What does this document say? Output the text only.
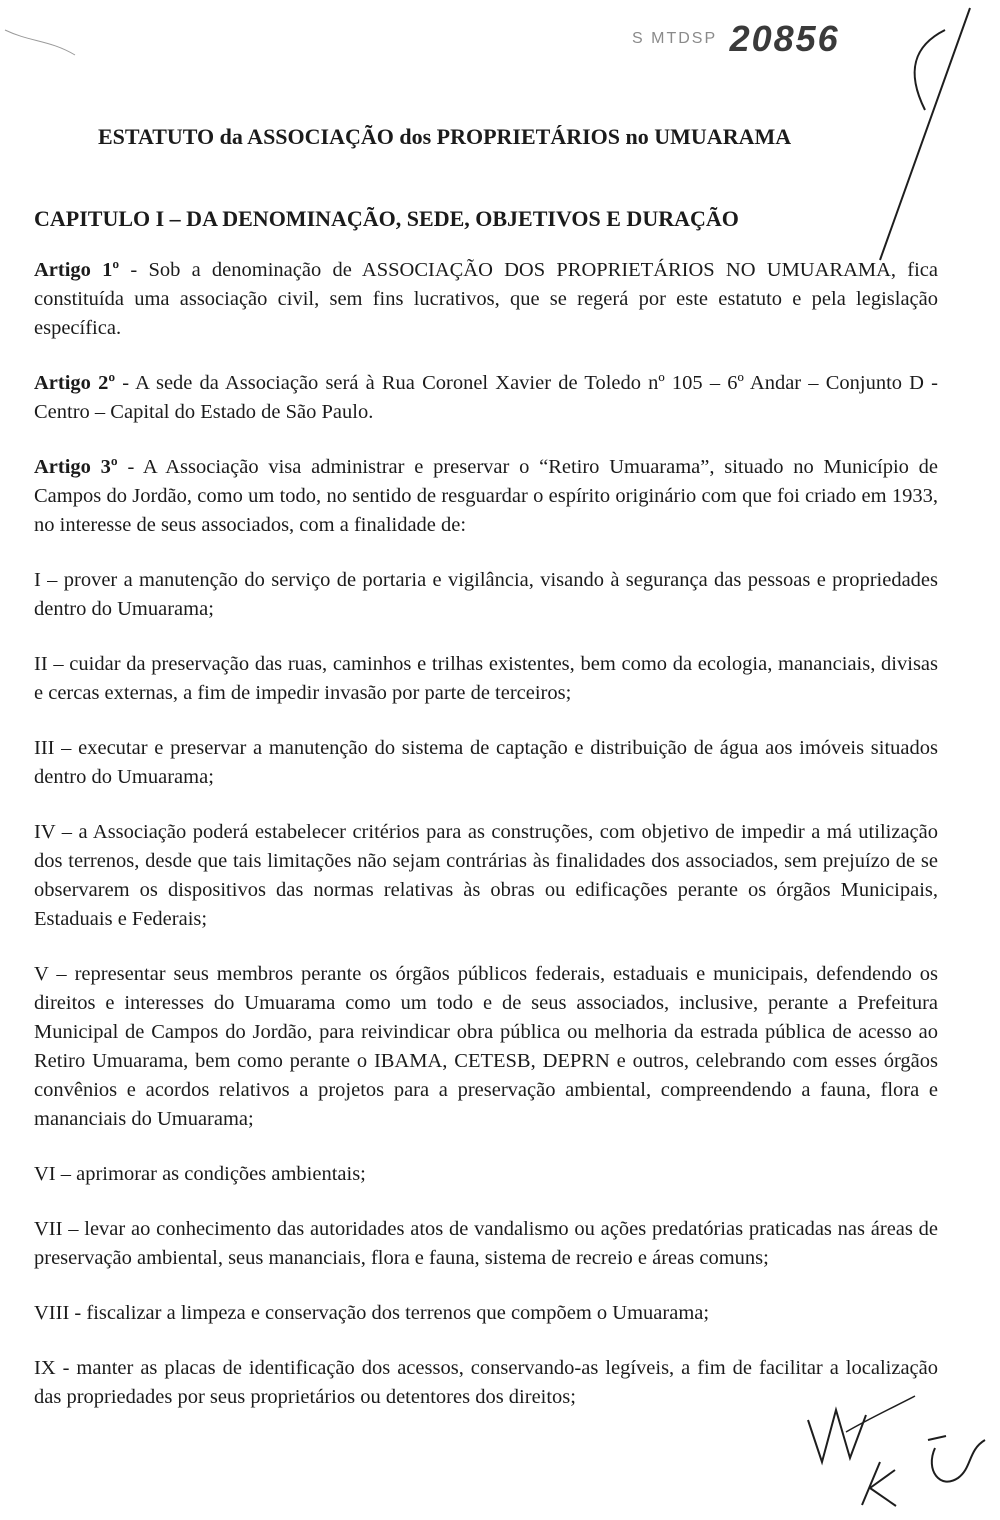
S MTDSP 20856
ESTATUTO da ASSOCIAÇÃO dos PROPRIETÁRIOS no UMUARAMA
CAPITULO I – DA DENOMINAÇÃO, SEDE, OBJETIVOS E DURAÇÃO

Artigo 1º - Sob a denominação de ASSOCIAÇÃO DOS PROPRIETÁRIOS NO UMUARAMA, fica constituída uma associação civil, sem fins lucrativos, que se regerá por este estatuto e pela legislação específica.

Artigo 2º - A sede da Associação será à Rua Coronel Xavier de Toledo nº 105 – 6º Andar – Conjunto D - Centro – Capital do Estado de São Paulo.

Artigo 3º - A Associação visa administrar e preservar o “Retiro Umuarama”, situado no Município de Campos do Jordão, como um todo, no sentido de resguardar o espírito originário com que foi criado em 1933, no interesse de seus associados, com a finalidade de:

I – prover a manutenção do serviço de portaria e vigilância, visando à segurança das pessoas e propriedades dentro do Umuarama;

II – cuidar da preservação das ruas, caminhos e trilhas existentes, bem como da ecologia, mananciais, divisas e cercas externas, a fim de impedir invasão por parte de terceiros;

III – executar e preservar a manutenção do sistema de captação e distribuição de água aos imóveis situados dentro do Umuarama;

IV – a Associação poderá estabelecer critérios para as construções, com objetivo de impedir a má utilização dos terrenos, desde que tais limitações não sejam contrárias às finalidades dos associados, sem prejuízo de se observarem os dispositivos das normas relativas às obras ou edificações perante os órgãos Municipais, Estaduais e Federais;

V – representar seus membros perante os órgãos públicos federais, estaduais e municipais, defendendo os direitos e interesses do Umuarama como um todo e de seus associados, inclusive, perante a Prefeitura Municipal de Campos do Jordão, para reivindicar obra pública ou melhoria da estrada pública de acesso ao Retiro Umuarama, bem como perante o IBAMA, CETESB, DEPRN e outros, celebrando com esses órgãos convênios e acordos relativos a projetos para a preservação ambiental, compreendendo a fauna, flora e mananciais do Umuarama;

VI – aprimorar as condições ambientais;

VII – levar ao conhecimento das autoridades atos de vandalismo ou ações predatórias praticadas nas áreas de preservação ambiental, seus mananciais, flora e fauna, sistema de recreio e áreas comuns;

VIII - fiscalizar a limpeza e conservação dos terrenos que compõem o Umuarama;

IX - manter as placas de identificação dos acessos, conservando-as legíveis, a fim de facilitar a localização das propriedades por seus proprietários ou detentores dos direitos;
